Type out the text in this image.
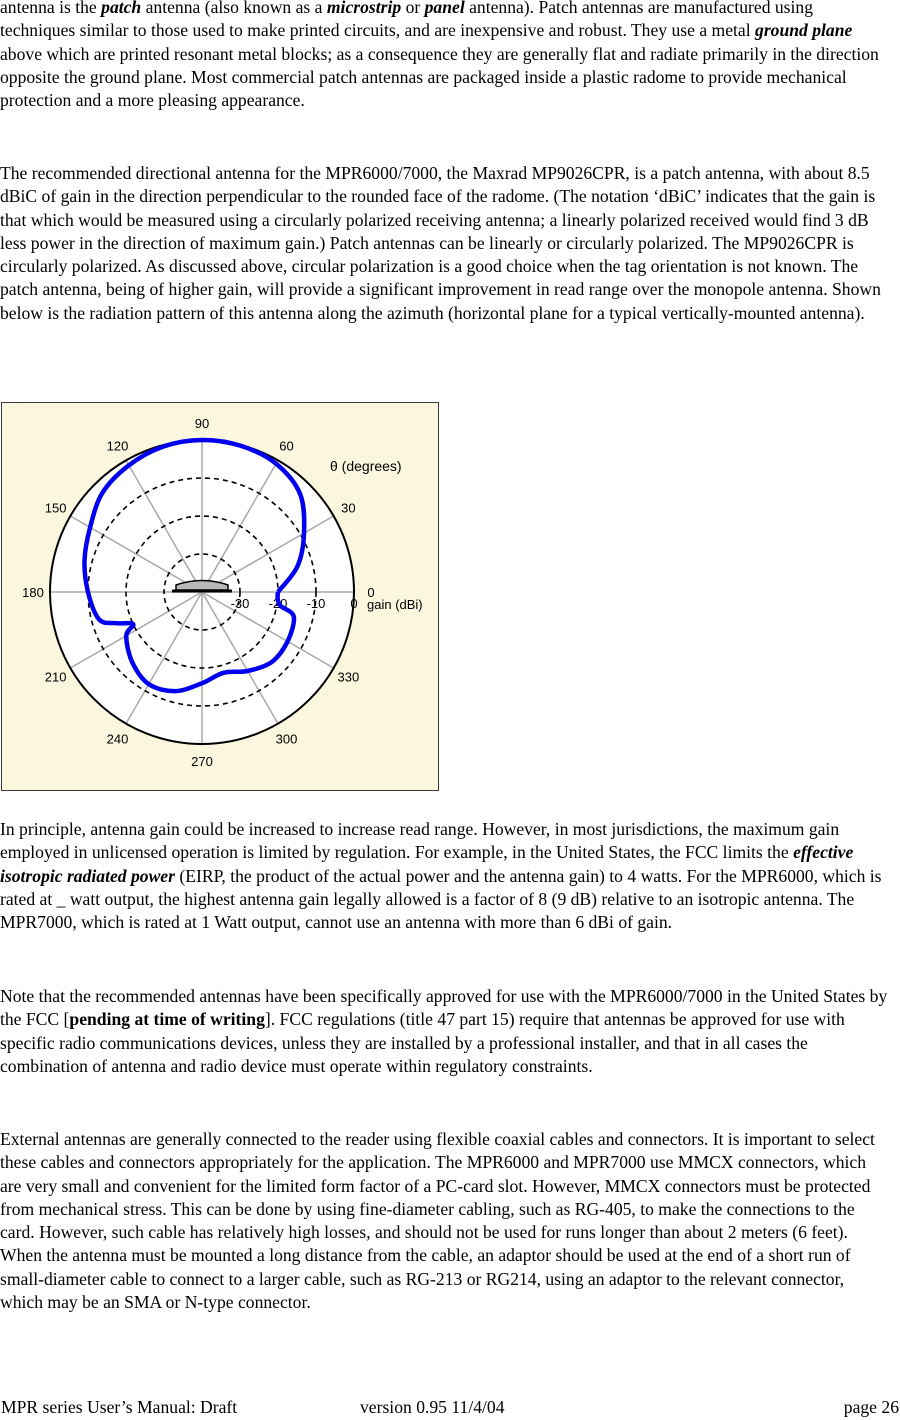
antenna is the patch antenna (also known as a microstrip or panel antenna). Patch antennas are manufactured using techniques similar to those used to make printed circuits, and are inexpensive and robust. They use a metal ground plane above which are printed resonant metal blocks; as a consequence they are generally flat and radiate primarily in the direction opposite the ground plane. Most commercial patch antennas are packaged inside a plastic radome to provide mechanical protection and a more pleasing appearance.

The recommended directional antenna for the MPR6000/7000, the Maxrad MP9026CPR, is a patch antenna, with about 8.5 dBiC of gain in the direction perpendicular to the rounded face of the radome. (The notation ‘dBiC’ indicates that the gain is that which would be measured using a circularly polarized receiving antenna; a linearly polarized received would find 3 dB less power in the direction of maximum gain.) Patch antennas can be linearly or circularly polarized. The MP9026CPR is circularly polarized. As discussed above, circular polarization is a good choice when the tag orientation is not known. The patch antenna, being of higher gain, will provide a significant improvement in read range over the monopole antenna. Shown below is the radiation pattern of this antenna along the azimuth (horizontal plane for a typical vertically-mounted antenna).

0
30
60
90
120
150
180
210
240
270
300
330
-30 -20 -10 0
θ (degrees)
gain (dBi)

In principle, antenna gain could be increased to increase read range. However, in most jurisdictions, the maximum gain employed in unlicensed operation is limited by regulation. For example, in the United States, the FCC limits the effective isotropic radiated power (EIRP, the product of the actual power and the antenna gain) to 4 watts. For the MPR6000, which is rated at _ watt output, the highest antenna gain legally allowed is a factor of 8 (9 dB) relative to an isotropic antenna. The MPR7000, which is rated at 1 Watt output, cannot use an antenna with more than 6 dBi of gain.

Note that the recommended antennas have been specifically approved for use with the MPR6000/7000 in the United States by the FCC [pending at time of writing]. FCC regulations (title 47 part 15) require that antennas be approved for use with specific radio communications devices, unless they are installed by a professional installer, and that in all cases the combination of antenna and radio device must operate within regulatory constraints.

External antennas are generally connected to the reader using flexible coaxial cables and connectors. It is important to select these cables and connectors appropriately for the application. The MPR6000 and MPR7000 use MMCX connectors, which are very small and convenient for the limited form factor of a PC-card slot. However, MMCX connectors must be protected from mechanical stress. This can be done by using fine-diameter cabling, such as RG-405, to make the connections to the card. However, such cable has relatively high losses, and should not be used for runs longer than about 2 meters (6 feet). When the antenna must be mounted a long distance from the cable, an adaptor should be used at the end of a short run of small-diameter cable to connect to a larger cable, such as RG-213 or RG214, using an adaptor to the relevant connector, which may be an SMA or N-type connector.

MPR series User’s Manual: Draft	version 0.95 11/4/04	page 26
